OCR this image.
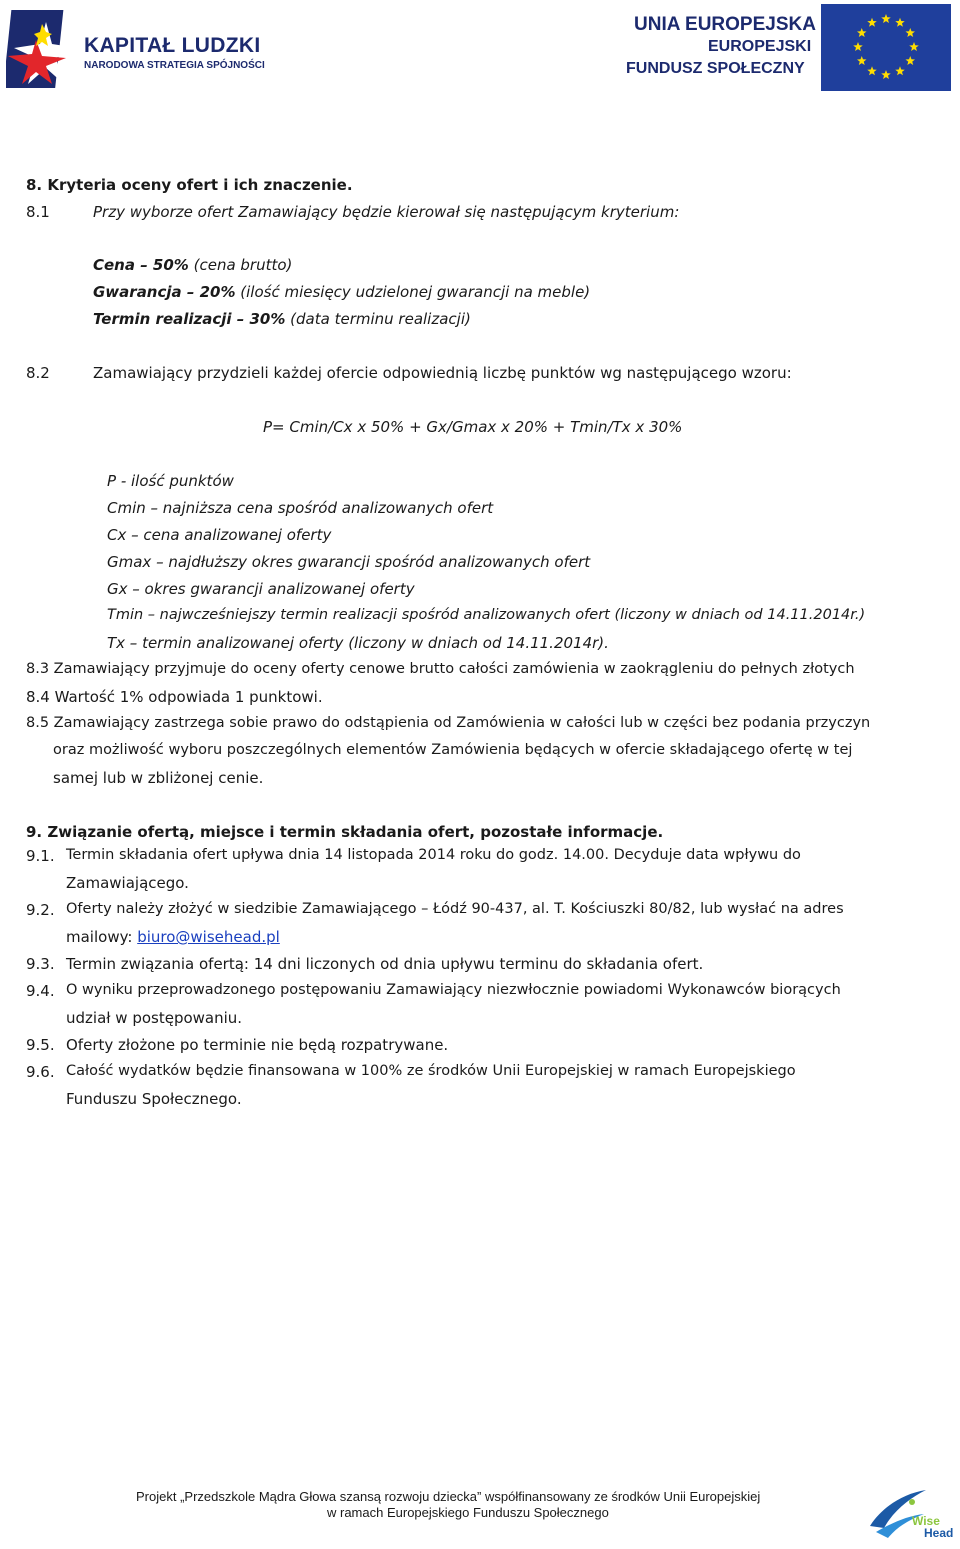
KAPITAŁ LUDZKI
NARODOWA STRATEGIA SPÓJNOŚCI
UNIA EUROPEJSKA
EUROPEJSKI
FUNDUSZ SPOŁECZNY
8. Kryteria oceny ofert i ich znaczenie.
8.1	Przy wyborze ofert Zamawiający będzie kierował się następującym kryterium:
Cena – 50% (cena brutto)
Gwarancja – 20% (ilość miesięcy udzielonej gwarancji na meble)
Termin realizacji – 30% (data terminu realizacji)
8.2	Zamawiający przydzieli każdej ofercie odpowiednią liczbę punktów wg następującego wzoru:
P= Cmin/Cx x 50% + Gx/Gmax x 20% + Tmin/Tx x 30%
P - ilość punktów
Cmin – najniższa cena spośród analizowanych ofert
Cx – cena analizowanej oferty
Gmax – najdłuższy okres gwarancji spośród analizowanych ofert
Gx – okres gwarancji analizowanej oferty
Tmin – najwcześniejszy termin realizacji spośród analizowanych ofert (liczony w dniach od 14.11.2014r.)
Tx – termin analizowanej oferty (liczony w dniach od 14.11.2014r).
8.3 Zamawiający przyjmuje do oceny oferty cenowe brutto całości zamówienia w zaokrągleniu do pełnych złotych
8.4 Wartość 1% odpowiada 1 punktowi.
8.5 Zamawiający zastrzega sobie prawo do odstąpienia od Zamówienia w całości lub w części bez podania przyczyn
oraz możliwość wyboru poszczególnych elementów Zamówienia będących w ofercie składającego ofertę w tej
samej lub w zbliżonej cenie.
9. Związanie ofertą, miejsce i termin składania ofert, pozostałe informacje.
9.1. Termin składania ofert upływa dnia 14 listopada 2014 roku do godz. 14.00. Decyduje data wpływu do
Zamawiającego.
9.2. Oferty należy złożyć w siedzibie Zamawiającego – Łódź 90-437, al. T. Kościuszki 80/82, lub wysłać na adres
mailowy: biuro@wisehead.pl
9.3. Termin związania ofertą: 14 dni liczonych od dnia upływu terminu do składania ofert.
9.4. O wyniku przeprowadzonego postępowaniu Zamawiający niezwłocznie powiadomi Wykonawców biorących
udział w postępowaniu.
9.5. Oferty złożone po terminie nie będą rozpatrywane.
9.6. Całość wydatków będzie finansowana w 100% ze środków Unii Europejskiej w ramach Europejskiego
Funduszu Społecznego.
Projekt „Przedszkole Mądra Głowa szansą rozwoju dziecka” współfinansowany ze środków Unii Europejskiej
w ramach Europejskiego Funduszu Społecznego
Wise
Head
